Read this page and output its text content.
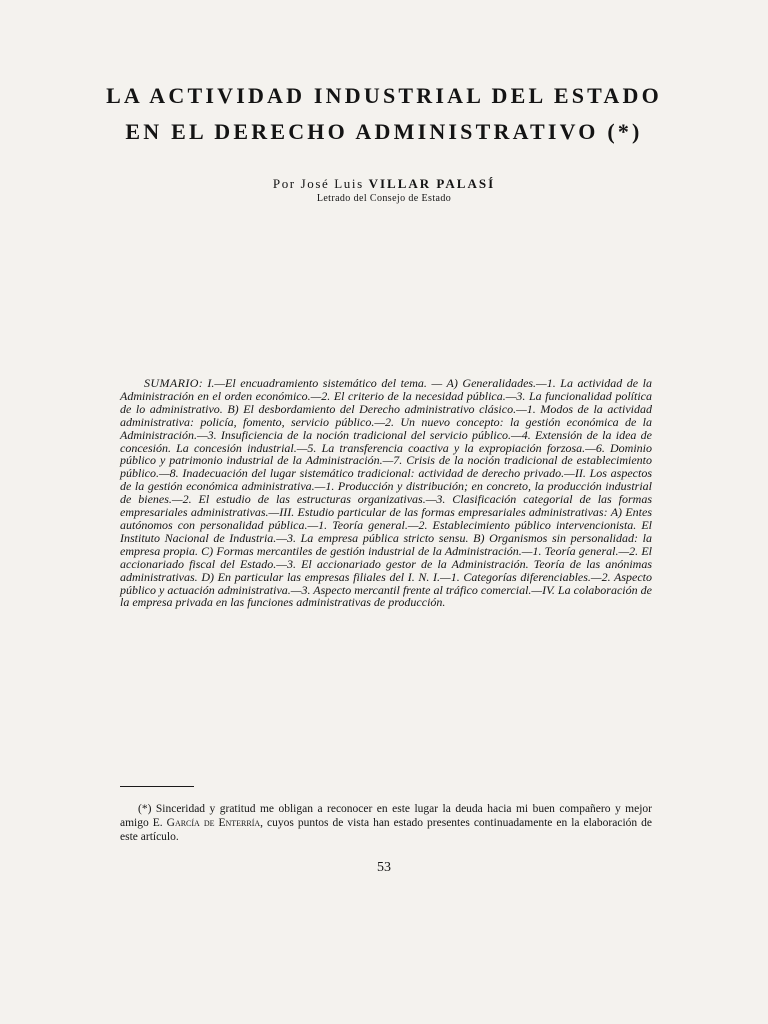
LA ACTIVIDAD INDUSTRIAL DEL ESTADO
EN EL DERECHO ADMINISTRATIVO (*)

Por José Luis VILLAR PALASÍ

Letrado del Consejo de Estado

SUMARIO: I.—El encuadramiento sistemático del tema. — A) Generalidades.—1. La actividad de la Administración en el orden económico.—2. El criterio de la necesidad pública.—3. La funcionalidad política de lo administrativo. B) El desbordamiento del Derecho administrativo clásico.—1. Modos de la actividad administrativa: policía, fomento, servicio público.—2. Un nuevo concepto: la gestión económica de la Administración.—3. Insuficiencia de la noción tradicional del servicio público.—4. Extensión de la idea de concesión. La concesión industrial.—5. La transferencia coactiva y la expropiación forzosa.—6. Dominio público y patrimonio industrial de la Administración.—7. Crisis de la noción tradicional de establecimiento público.—8. Inadecuación del lugar sistemático tradicional: actividad de derecho privado.—II. Los aspectos de la gestión económica administrativa.—1. Producción y distribución; en concreto, la producción industrial de bienes.—2. El estudio de las estructuras organizativas.—3. Clasificación categorial de las formas empresariales administrativas.—III. Estudio particular de las formas empresariales administrativas: A) Entes autónomos con personalidad pública.—1. Teoría general.—2. Establecimiento público intervencionista. El Instituto Nacional de Industria.—3. La empresa pública stricto sensu. B) Organismos sin personalidad: la empresa propia. C) Formas mercantiles de gestión industrial de la Administración.—1. Teoría general.—2. El accionariado fiscal del Estado.—3. El accionariado gestor de la Administración. Teoría de las anónimas administrativas. D) En particular las empresas filiales del I. N. I.—1. Categorías diferenciables.—2. Aspecto público y actuación administrativa.—3. Aspecto mercantil frente al tráfico comercial.—IV. La colaboración de la empresa privada en las funciones administrativas de producción.

(*) Sinceridad y gratitud me obligan a reconocer en este lugar la deuda hacia mi buen compañero y mejor amigo E. García de Enterría, cuyos puntos de vista han estado presentes continuadamente en la elaboración de este artículo.

53
